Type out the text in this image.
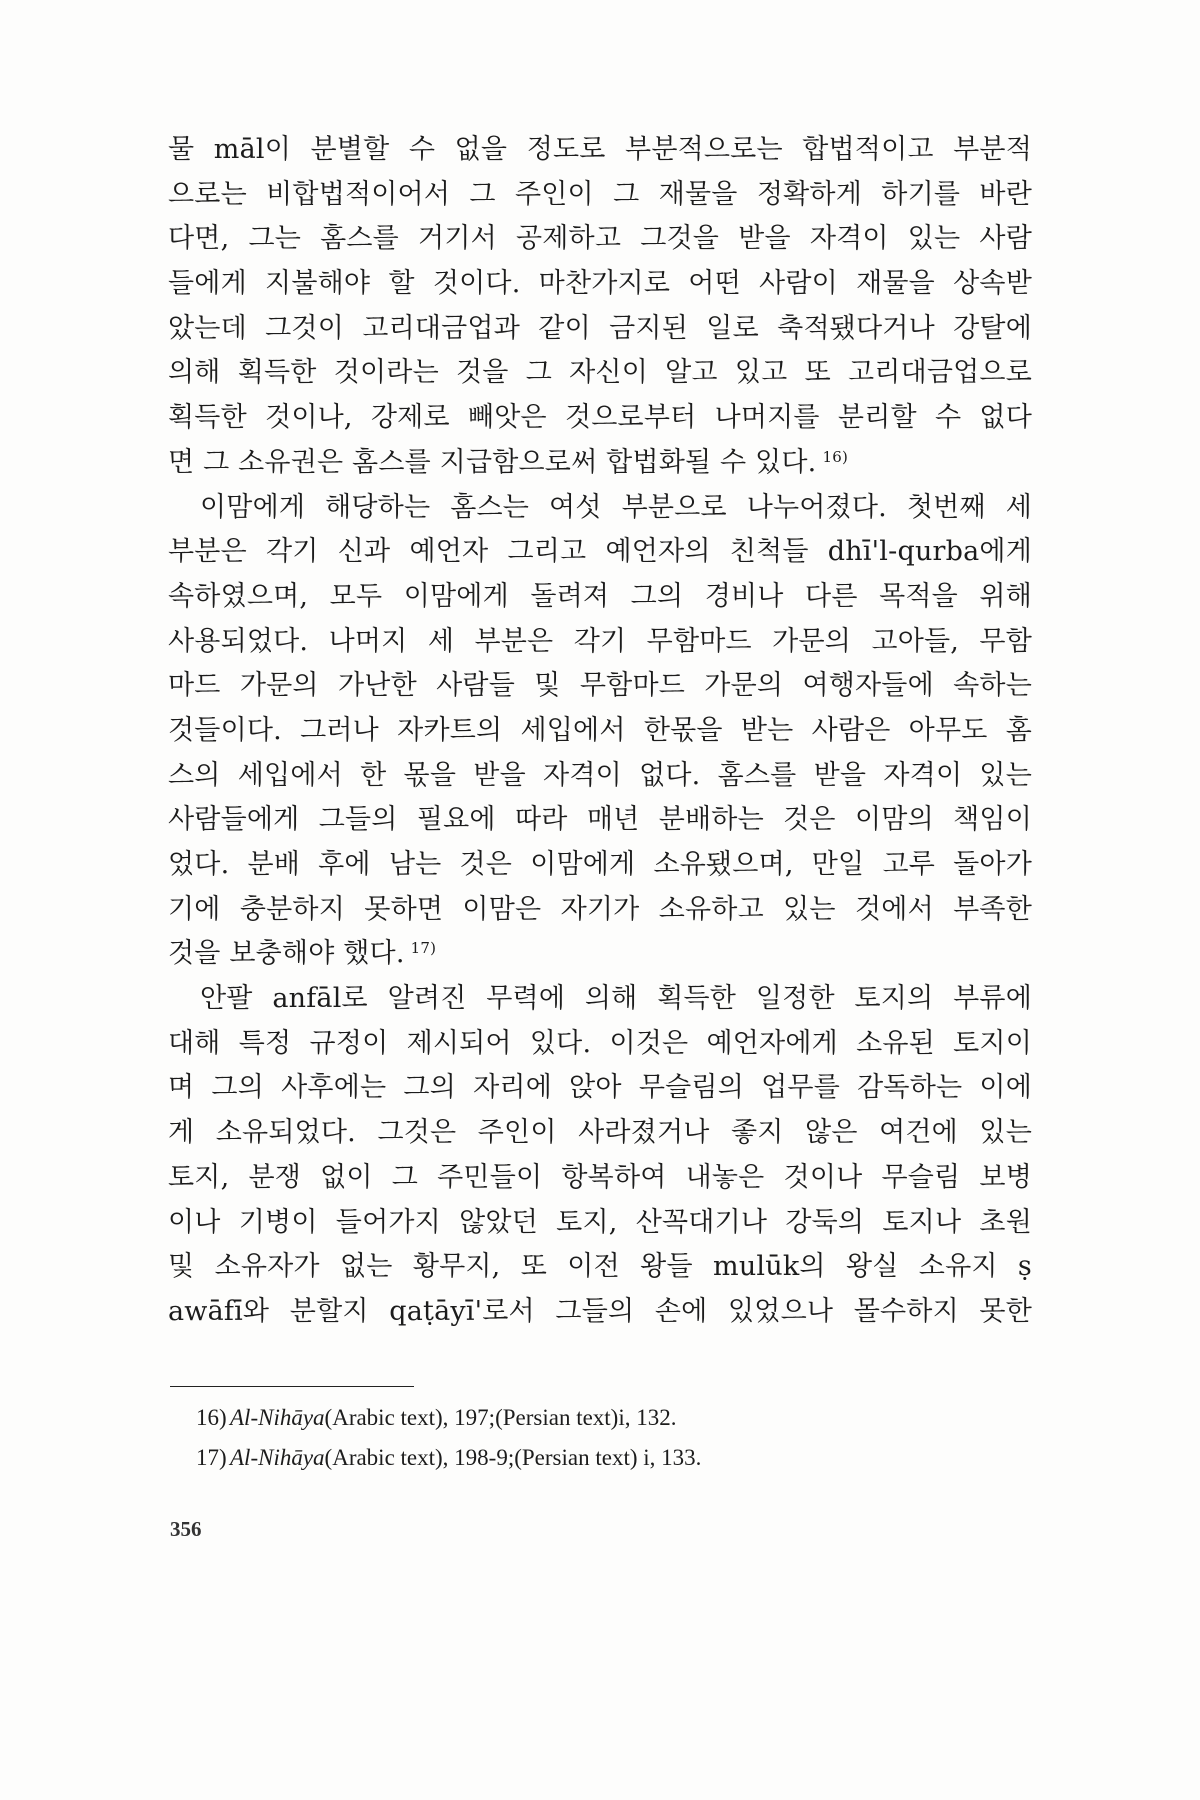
물 māl이 분별할 수 없을 정도로 부분적으로는 합법적이고 부분적
으로는 비합법적이어서 그 주인이 그 재물을 정확하게 하기를 바란
다면, 그는 홈스를 거기서 공제하고 그것을 받을 자격이 있는 사람
들에게 지불해야 할 것이다. 마찬가지로 어떤 사람이 재물을 상속받
았는데 그것이 고리대금업과 같이 금지된 일로 축적됐다거나 강탈에
의해 획득한 것이라는 것을 그 자신이 알고 있고 또 고리대금업으로
획득한 것이나, 강제로 빼앗은 것으로부터 나머지를 분리할 수 없다
면 그 소유권은 홈스를 지급함으로써 합법화될 수 있다. $^{16)}$
이맘에게 해당하는 홈스는 여섯 부분으로 나누어졌다. 첫번째 세
부분은 각기 신과 예언자 그리고 예언자의 친척들 dhī'l-qurba에게
속하였으며, 모두 이맘에게 돌려져 그의 경비나 다른 목적을 위해
사용되었다. 나머지 세 부분은 각기 무함마드 가문의 고아들, 무함
마드 가문의 가난한 사람들 및 무함마드 가문의 여행자들에 속하는
것들이다. 그러나 자카트의 세입에서 한몫을 받는 사람은 아무도 홈
스의 세입에서 한 몫을 받을 자격이 없다. 홈스를 받을 자격이 있는
사람들에게 그들의 필요에 따라 매년 분배하는 것은 이맘의 책임이
었다. 분배 후에 남는 것은 이맘에게 소유됐으며, 만일 고루 돌아가
기에 충분하지 못하면 이맘은 자기가 소유하고 있는 것에서 부족한
것을 보충해야 했다. $^{17)}$
안팔 anfāl로 알려진 무력에 의해 획득한 일정한 토지의 부류에
대해 특정 규정이 제시되어 있다. 이것은 예언자에게 소유된 토지이
며 그의 사후에는 그의 자리에 앉아 무슬림의 업무를 감독하는 이에
게 소유되었다. 그것은 주인이 사라졌거나 좋지 않은 여건에 있는
토지, 분쟁 없이 그 주민들이 항복하여 내놓은 것이나 무슬림 보병
이나 기병이 들어가지 않았던 토지, 산꼭대기나 강둑의 토지나 초원
및 소유자가 없는 황무지, 또 이전 왕들 mulūk의 왕실 소유지 ṣ
awāfī와 분할지 qaṭāyī'로서 그들의 손에 있었으나 몰수하지 못한
16) Al-Nihāya(Arabic text), 197;(Persian text)i, 132.
17) Al-Nihāya(Arabic text), 198-9;(Persian text) i, 133.
356
